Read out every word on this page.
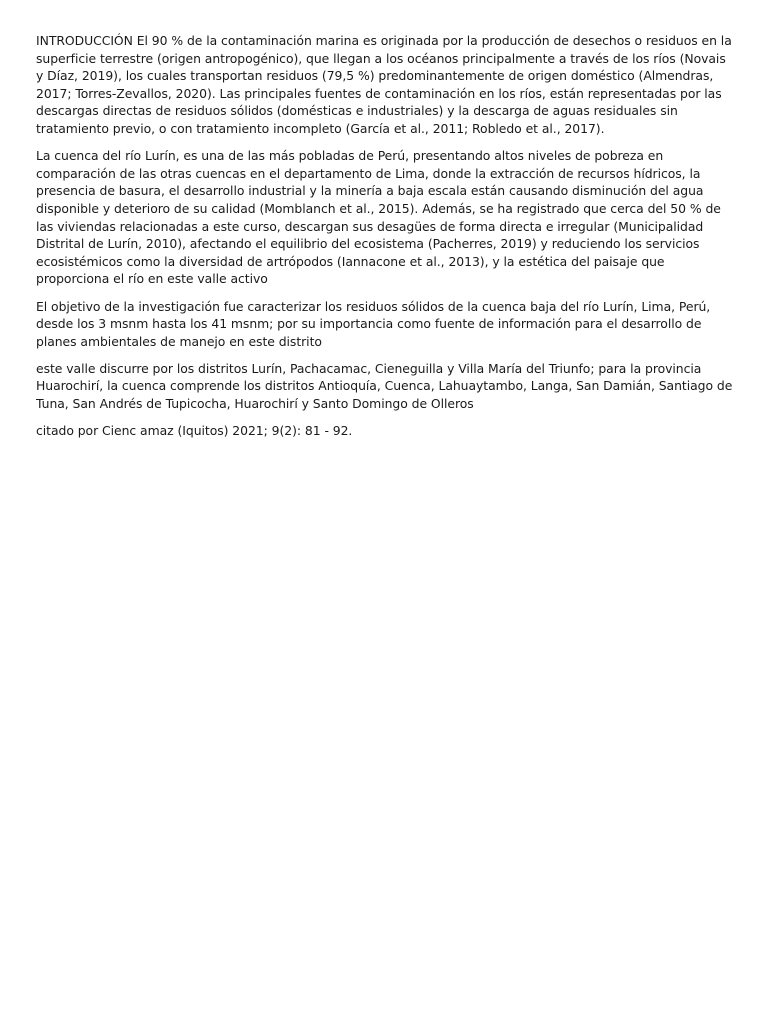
INTRODUCCIÓN El 90 % de la contaminación marina es originada por la producción de desechos o residuos en la superficie terrestre (origen antropogénico), que llegan a los océanos principalmente a través de los ríos (Novais y Díaz, 2019), los cuales transportan residuos (79,5 %) predominantemente de origen doméstico (Almendras, 2017; Torres-Zevallos, 2020). Las principales fuentes de contaminación en los ríos, están representadas por las descargas directas de residuos sólidos (domésticas e industriales) y la descarga de aguas residuales sin tratamiento previo, o con tratamiento incompleto (García et al., 2011; Robledo et al., 2017).

La cuenca del río Lurín, es una de las más pobladas de Perú, presentando altos niveles de pobreza en comparación de las otras cuencas en el departamento de Lima, donde la extracción de recursos hídricos, la presencia de basura, el desarrollo industrial y la minería a baja escala están causando disminución del agua disponible y deterioro de su calidad (Momblanch et al., 2015). Además, se ha registrado que cerca del 50 % de las viviendas relacionadas a este curso, descargan sus desagües de forma directa e irregular (Municipalidad Distrital de Lurín, 2010), afectando el equilibrio del ecosistema (Pacherres, 2019) y reduciendo los servicios ecosistémicos como la diversidad de artrópodos (Iannacone et al., 2013), y la estética del paisaje que proporciona el río en este valle activo

El objetivo de la investigación fue caracterizar los residuos sólidos de la cuenca baja del río Lurín, Lima, Perú, desde los 3 msnm hasta los 41 msnm; por su importancia como fuente de información para el desarrollo de planes ambientales de manejo en este distrito

este valle discurre por los distritos Lurín, Pachacamac, Cieneguilla y Villa María del Triunfo; para la provincia Huarochirí, la cuenca comprende los distritos Antioquía, Cuenca, Lahuaytambo, Langa, San Damián, Santiago de Tuna, San Andrés de Tupicocha, Huarochirí y Santo Domingo de Olleros

citado por Cienc amaz (Iquitos) 2021; 9(2): 81 - 92.
